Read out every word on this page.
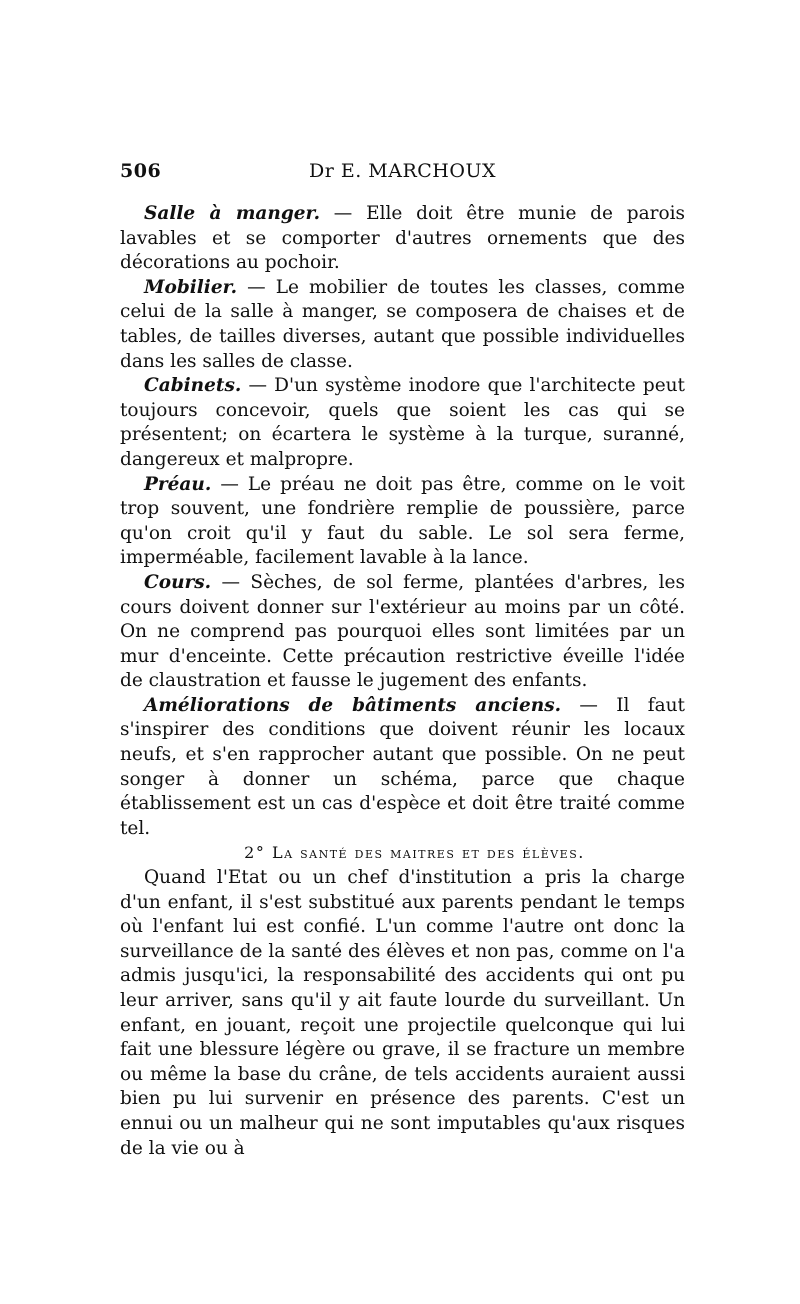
506	Dr E. MARCHOUX

Salle à manger. — Elle doit être munie de parois lavables et se comporter d'autres ornements que des décorations au pochoir.

Mobilier. — Le mobilier de toutes les classes, comme celui de la salle à manger, se composera de chaises et de tables, de tailles diverses, autant que possible individuelles dans les salles de classe.

Cabinets. — D'un système inodore que l'architecte peut toujours concevoir, quels que soient les cas qui se présentent; on écartera le système à la turque, suranné, dangereux et malpropre.

Préau. — Le préau ne doit pas être, comme on le voit trop souvent, une fondrière remplie de poussière, parce qu'on croit qu'il y faut du sable. Le sol sera ferme, imperméable, facilement lavable à la lance.

Cours. — Sèches, de sol ferme, plantées d'arbres, les cours doivent donner sur l'extérieur au moins par un côté. On ne comprend pas pourquoi elles sont limitées par un mur d'enceinte. Cette précaution restrictive éveille l'idée de claustration et fausse le jugement des enfants.

Améliorations de bâtiments anciens. — Il faut s'inspirer des conditions que doivent réunir les locaux neufs, et s'en rapprocher autant que possible. On ne peut songer à donner un schéma, parce que chaque établissement est un cas d'espèce et doit être traité comme tel.

2° La santé des maitres et des élèves.

Quand l'Etat ou un chef d'institution a pris la charge d'un enfant, il s'est substitué aux parents pendant le temps où l'enfant lui est confié. L'un comme l'autre ont donc la surveillance de la santé des élèves et non pas, comme on l'a admis jusqu'ici, la responsabilité des accidents qui ont pu leur arriver, sans qu'il y ait faute lourde du surveillant. Un enfant, en jouant, reçoit une projectile quelconque qui lui fait une blessure légère ou grave, il se fracture un membre ou même la base du crâne, de tels accidents auraient aussi bien pu lui survenir en présence des parents. C'est un ennui ou un malheur qui ne sont imputables qu'aux risques de la vie ou à
